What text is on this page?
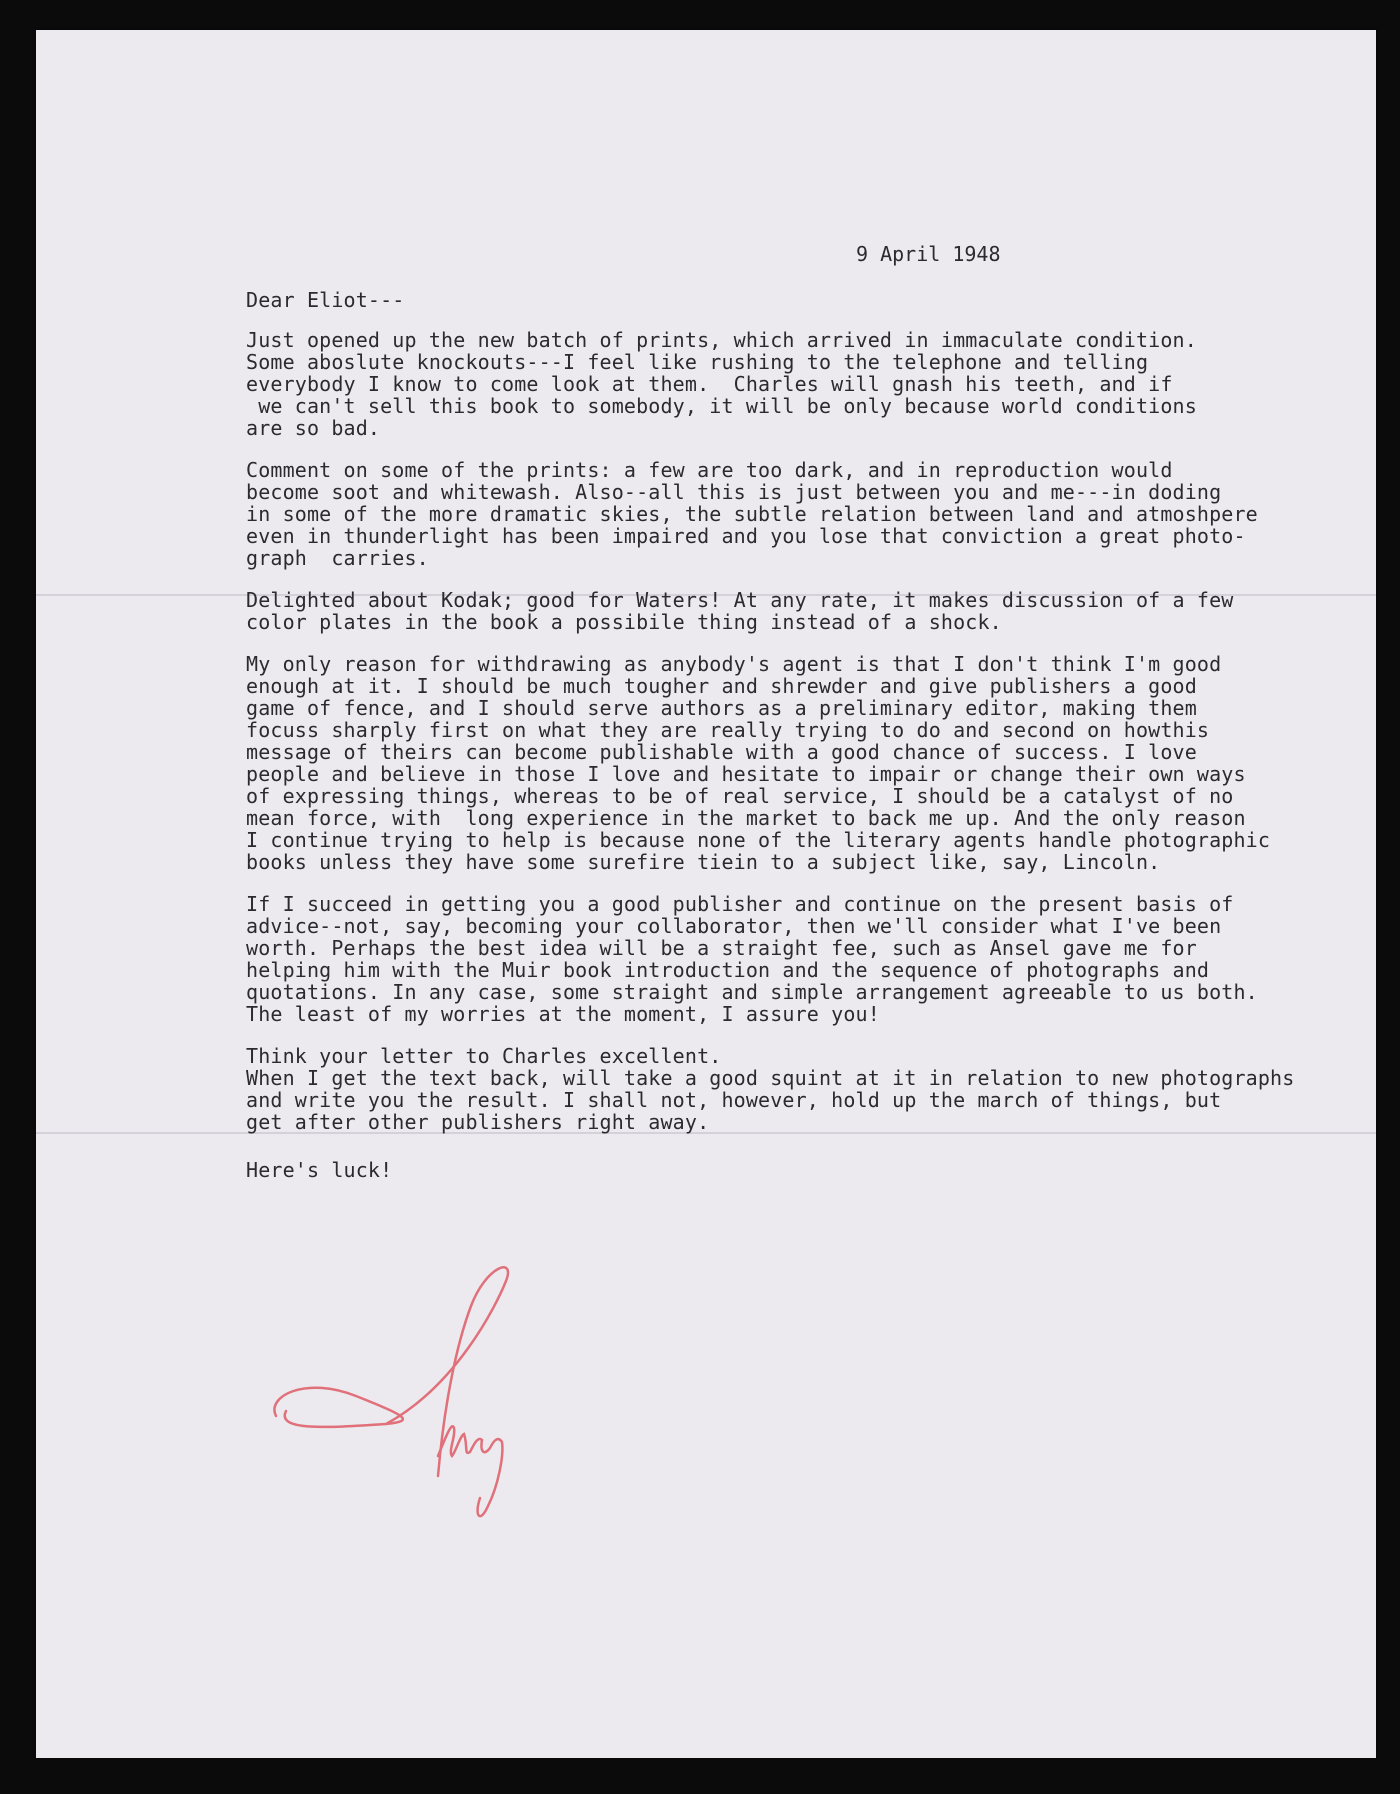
9 April 1948
Dear Eliot---
Just opened up the new batch of prints, which arrived in immaculate condition.
Some aboslute knockouts---I feel like rushing to the telephone and telling
everybody I know to come look at them.  Charles will gnash his teeth, and if
we can't sell this book to somebody, it will be only because world conditions
are so bad.
Comment on some of the prints: a few are too dark, and in reproduction would
become soot and whitewash. Also--all this is just between you and me---in doding
in some of the more dramatic skies, the subtle relation between land and atmoshpere
even in thunderlight has been impaired and you lose that conviction a great photo-
graph  carries.
Delighted about Kodak; good for Waters! At any rate, it makes discussion of a few
color plates in the book a possibile thing instead of a shock.
My only reason for withdrawing as anybody's agent is that I don't think I'm good
enough at it. I should be much tougher and shrewder and give publishers a good
game of fence, and I should serve authors as a preliminary editor, making them
focuss sharply first on what they are really trying to do and second on howthis
message of theirs can become publishable with a good chance of success. I love
people and believe in those I love and hesitate to impair or change their own ways
of expressing things, whereas to be of real service, I should be a catalyst of no
mean force, with  long experience in the market to back me up. And the only reason
I continue trying to help is because none of the literary agents handle photographic
books unless they have some surefire tiein to a subject like, say, Lincoln.
If I succeed in getting you a good publisher and continue on the present basis of
advice--not, say, becoming your collaborator, then we'll consider what I've been
worth. Perhaps the best idea will be a straight fee, such as Ansel gave me for
helping him with the Muir book introduction and the sequence of photographs and
quotations. In any case, some straight and simple arrangement agreeable to us both.
The least of my worries at the moment, I assure you!
Think your letter to Charles excellent.
When I get the text back, will take a good squint at it in relation to new photographs
and write you the result. I shall not, however, hold up the march of things, but
get after other publishers right away.
Here's luck!
